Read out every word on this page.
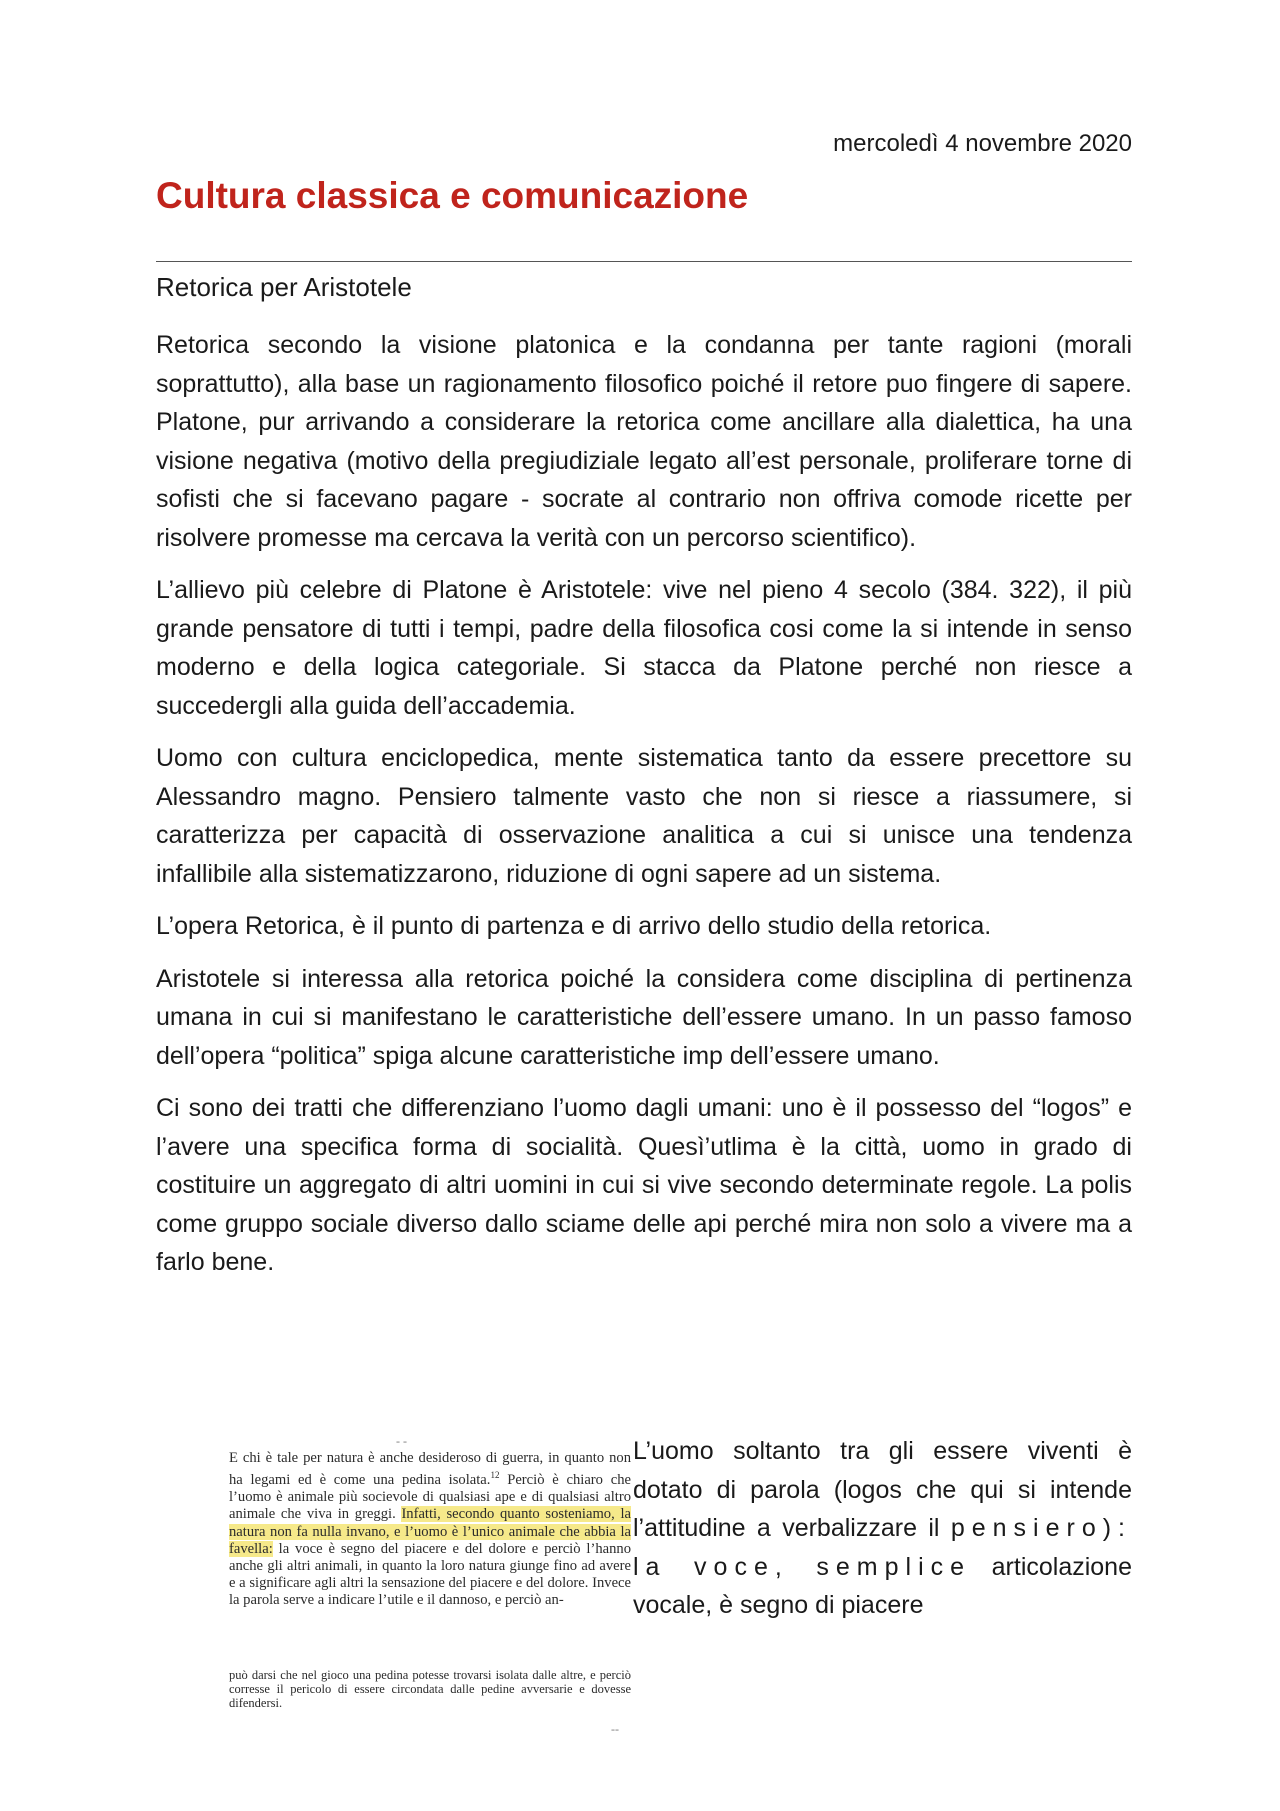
mercoledì 4 novembre 2020
Cultura classica e comunicazione
Retorica per Aristotele

Retorica secondo la visione platonica e la condanna per tante ragioni (morali soprattutto), alla base un ragionamento filosofico poiché il retore puo fingere di sapere. Platone, pur arrivando a considerare la retorica come ancillare alla dialettica, ha una visione negativa (motivo della pregiudiziale legato all’est personale, proliferare torne di sofisti che si facevano pagare - socrate al contrario non offriva comode ricette per risolvere promesse ma cercava la verità con un percorso scientifico).

L’allievo più celebre di Platone è Aristotele: vive nel pieno 4 secolo (384. 322), il più grande pensatore di tutti i tempi, padre della filosofica cosi come la si intende in senso moderno e della logica categoriale. Si stacca da Platone perché non riesce a succedergli alla guida dell’accademia.

Uomo con cultura enciclopedica, mente sistematica tanto da essere precettore su Alessandro magno. Pensiero talmente vasto che non si riesce a riassumere, si caratterizza per capacità di osservazione analitica a cui si unisce una tendenza infallibile alla sistematizzarono, riduzione di ogni sapere ad un sistema.

L’opera Retorica, è il punto di partenza e di arrivo dello studio della retorica.

Aristotele si interessa alla retorica poiché la considera come disciplina di pertinenza umana in cui si manifestano le caratteristiche dell’essere umano. In un passo famoso dell’opera “politica” spiga alcune caratteristiche imp dell’essere umano.

Ci sono dei tratti che differenziano l’uomo dagli umani: uno è il possesso del “logos” e l’avere una specifica forma di socialità. Quesì’utlima è la città, uomo in grado di costituire un aggregato di altri uomini in cui si vive secondo determinate regole. La polis come gruppo sociale diverso dallo sciame delle api perché mira non solo a vivere ma a farlo bene.

- -

E chi è tale per natura è anche desideroso di guerra, in quanto non ha legami ed è come una pedina isolata.$^{12}$ Perciò è chiaro che l’uomo è animale più socievole di qualsiasi ape e di qualsiasi altro animale che viva in greggi. Infatti, secondo quanto sosteniamo, la natura non fa nulla invano, e l’uomo è l’unico animale che abbia la favella: la voce è segno del piacere e del dolore e perciò l’hanno anche gli altri animali, in quanto la loro natura giunge fino ad avere e a significare agli altri la sensazione del piacere e del dolore. Invece la parola serve a indicare l’utile e il dannoso, e perciò an-

può darsi che nel gioco una pedina potesse trovarsi isolata dalle altre, e perciò corresse il pericolo di essere circondata dalle pedine avversarie e dovesse difendersi.

--

L’uomo soltanto tra gli essere viventi è dotato di parola (logos che qui si intende l’attitudine a verbalizzare il pensiero): la voce, semplice articolazione vocale, è segno di piacere
